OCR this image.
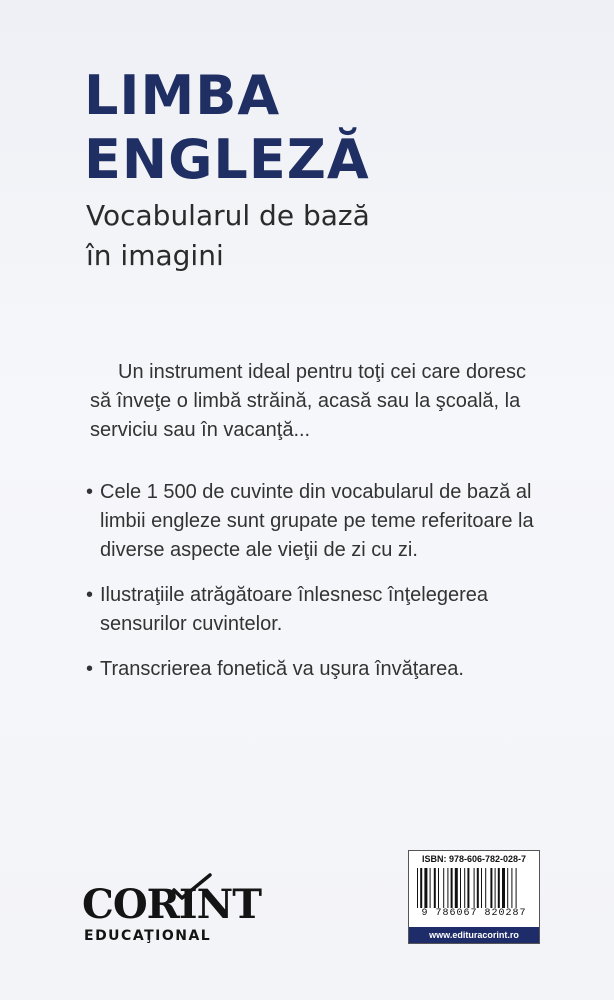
LIMBA
ENGLEZĂ
Vocabularul de bază
în imagini

Un instrument ideal pentru toţi cei care doresc să înveţe o limbă străină, acasă sau la şcoală, la serviciu sau în vacanţă...

• Cele 1 500 de cuvinte din vocabularul de bază al limbii engleze sunt grupate pe teme referitoare la diverse aspecte ale vieţii de zi cu zi.
• Ilustraţiile atrăgătoare înlesnesc înţelegerea sensurilor cuvintelor.
• Transcrierea fonetică va uşura învăţarea.

CORINT

EDUCAŢIONAL

ISBN: 978-606-782-028-7
9 786067 820287
www.edituracorint.ro
